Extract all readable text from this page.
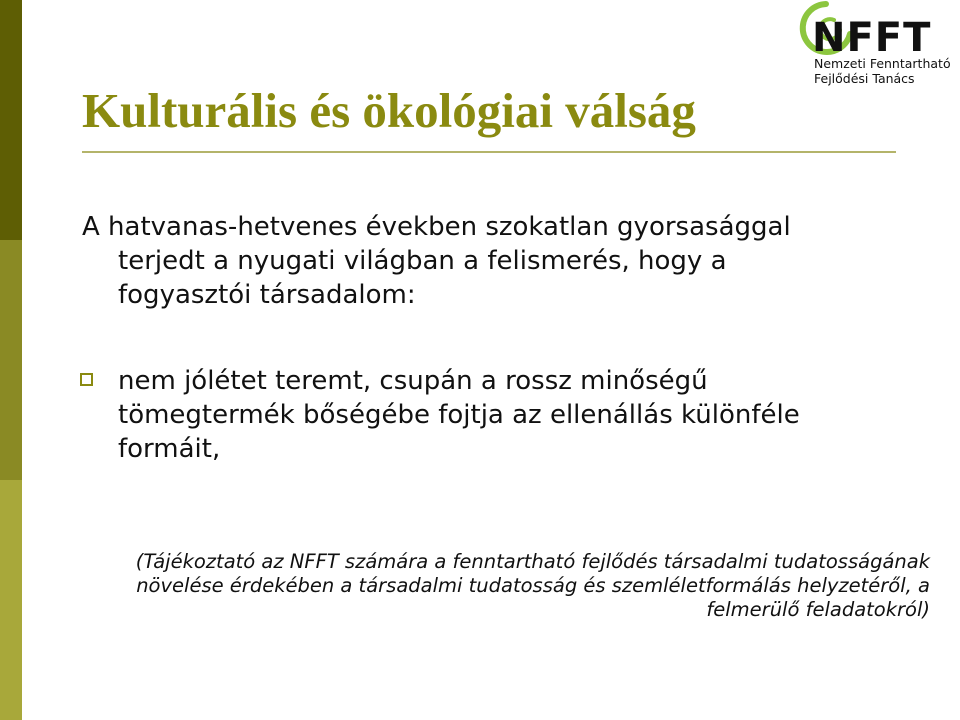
NFFT
Nemzeti Fenntartható
Fejlődési Tanács
Kulturális és ökológiai válság

A hatvanas-hetvenes években szokatlan gyorsasággal terjedt a nyugati világban a felismerés, hogy a fogyasztói társadalom:

nem jólétet teremt, csupán a rossz minőségű tömegtermék bőségébe fojtja az ellenállás különféle formáit,

(Tájékoztató az NFFT számára a fenntartható fejlődés társadalmi tudatosságának növelése érdekében a társadalmi tudatosság és szemléletformálás helyzetéről, a felmerülő feladatokról)
